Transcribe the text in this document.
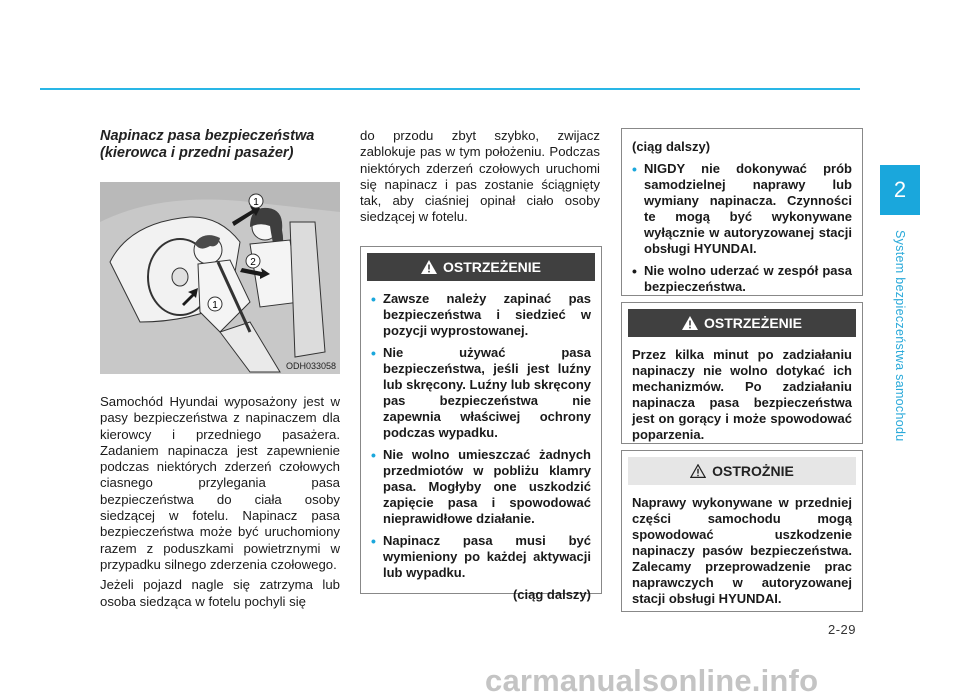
2
System bezpieczeństwa samochodu

Napinacz pasa bezpieczeństwa
(kierowca i przedni pasażer)

1
2
1
ODH033058

Samochód Hyundai wyposażony jest w pasy bezpieczeństwa z napinaczem dla kierowcy i przedniego pasażera. Zadaniem napinacza jest zapewnienie podczas niektórych zderzeń czołowych ciasnego przylegania pasa bezpieczeństwa do ciała osoby siedzącej w fotelu. Napinacz pasa bezpieczeństwa może być uruchomiony razem z poduszkami powietrznymi w przypadku silnego zderzenia czołowego.

Jeżeli pojazd nagle się zatrzyma lub osoba siedząca w fotelu pochyli się

do przodu zbyt szybko, zwijacz zablokuje pas w tym położeniu. Podczas niektórych zderzeń czołowych uruchomi się napinacz i pas zostanie ściągnięty tak, aby ciaśniej opinał ciało osoby siedzącej w fotelu.

OSTRZEŻENIE
• Zawsze należy zapinać pas bezpieczeństwa i siedzieć w pozycji wyprostowanej.
• Nie używać pasa bezpieczeństwa, jeśli jest luźny lub skręcony. Luźny lub skręcony pas bezpieczeństwa nie zapewnia właściwej ochrony podczas wypadku.
• Nie wolno umieszczać żadnych przedmiotów w pobliżu klamry pasa. Mogłyby one uszkodzić zapięcie pasa i spowodować nieprawidłowe działanie.
• Napinacz pasa musi być wymieniony po każdej aktywacji lub wypadku.
(ciąg dalszy)
(ciąg dalszy)
• NIGDY nie dokonywać prób samodzielnej naprawy lub wymiany napinacza. Czynności te mogą być wykonywane wyłącznie w autoryzowanej stacji obsługi HYUNDAI.
• Nie wolno uderzać w zespół pasa bezpieczeństwa.
OSTRZEŻENIE
Przez kilka minut po zadziałaniu napinaczy nie wolno dotykać ich mechanizmów. Po zadziałaniu napinacza pasa bezpieczeństwa jest on gorący i może spowodować poparzenia.
OSTROŻNIE
Naprawy wykonywane w przedniej części samochodu mogą spowodować uszkodzenie napinaczy pasów bezpieczeństwa. Zalecamy przeprowadzenie prac naprawczych w autoryzowanej stacji obsługi HYUNDAI.
2-29
carmanualsonline.info
